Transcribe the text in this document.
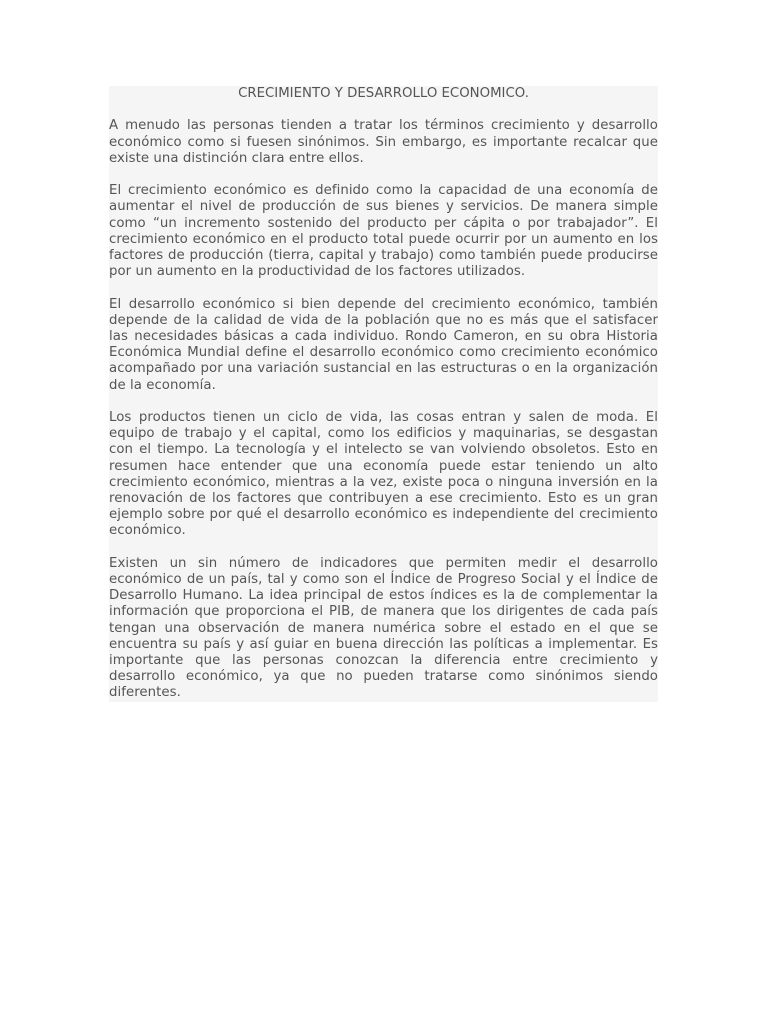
CRECIMIENTO Y DESARROLLO ECONOMICO.

A menudo las personas tienden a tratar los términos crecimiento y desarrollo económico como si fuesen sinónimos. Sin embargo, es importante recalcar que existe una distinción clara entre ellos.

El crecimiento económico es definido como la capacidad de una economía de aumentar el nivel de producción de sus bienes y servicios. De manera simple como “un incremento sostenido del producto per cápita o por trabajador”. El crecimiento económico en el producto total puede ocurrir por un aumento en los factores de producción (tierra, capital y trabajo) como también puede producirse por un aumento en la productividad de los factores utilizados.

El desarrollo económico si bien depende del crecimiento económico, también depende de la calidad de vida de la población que no es más que el satisfacer las necesidades básicas a cada individuo. Rondo Cameron, en su obra Historia Económica Mundial define el desarrollo económico como crecimiento económico acompañado por una variación sustancial en las estructuras o en la organización de la economía.

Los productos tienen un ciclo de vida, las cosas entran y salen de moda. El equipo de trabajo y el capital, como los edificios y maquinarias, se desgastan con el tiempo. La tecnología y el intelecto se van volviendo obsoletos. Esto en resumen hace entender que una economía puede estar teniendo un alto crecimiento económico, mientras a la vez, existe poca o ninguna inversión en la renovación de los factores que contribuyen a ese crecimiento. Esto es un gran ejemplo sobre por qué el desarrollo económico es independiente del crecimiento económico.

Existen un sin número de indicadores que permiten medir el desarrollo económico de un país, tal y como son el Índice de Progreso Social y el Índice de Desarrollo Humano. La idea principal de estos índices es la de complementar la información que proporciona el PIB, de manera que los dirigentes de cada país tengan una observación de manera numérica sobre el estado en el que se encuentra su país y así guiar en buena dirección las políticas a implementar. Es importante que las personas conozcan la diferencia entre crecimiento y desarrollo económico, ya que no pueden tratarse como sinónimos siendo diferentes.
